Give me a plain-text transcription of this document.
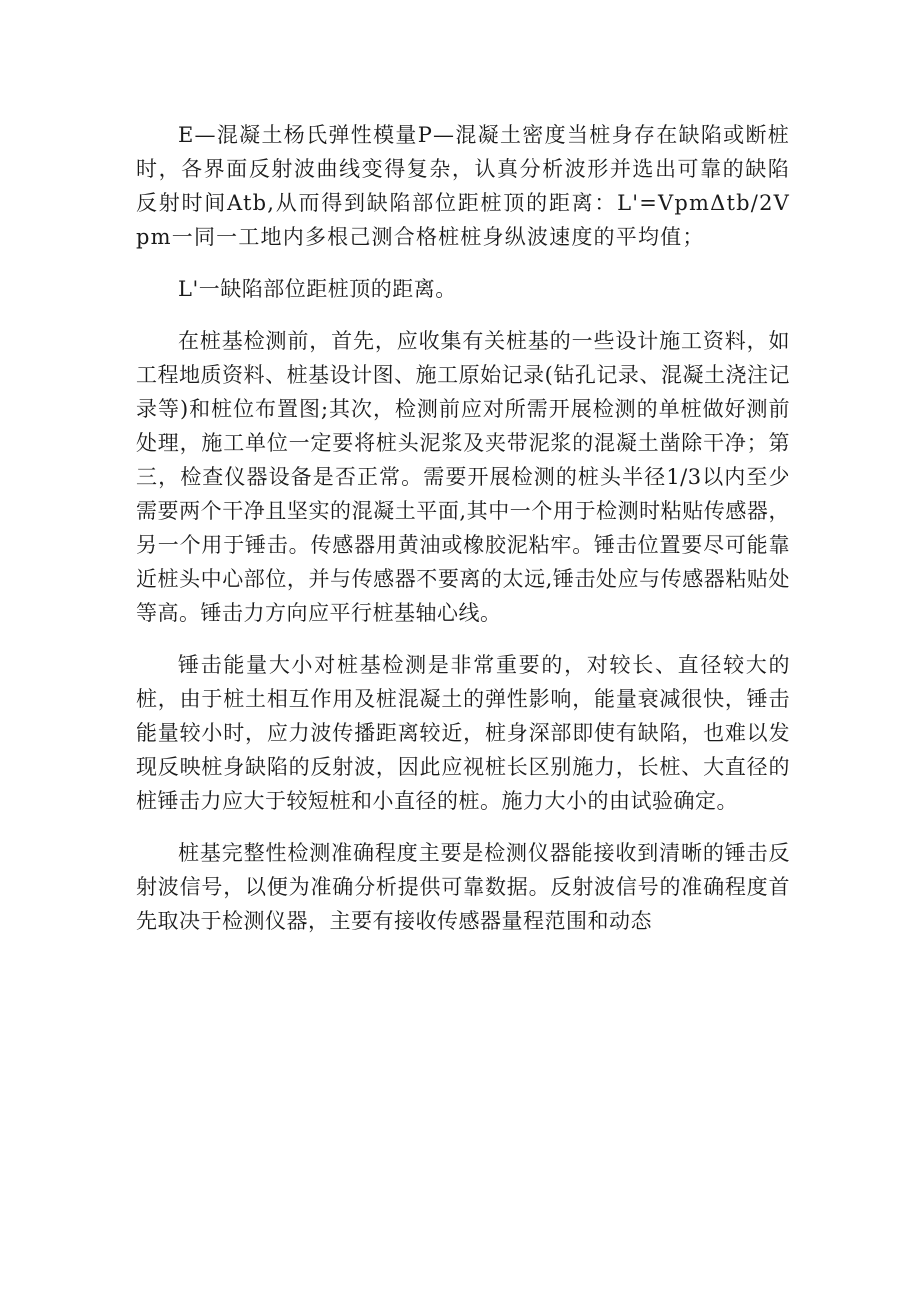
E—混凝土杨氏弹性模量P—混凝土密度当桩身存在缺陷或断桩时，各界面反射波曲线变得复杂，认真分析波形并选出可靠的缺陷反射时间Atb,从而得到缺陷部位距桩顶的距离：L'=VpmΔtb/2Vpm一同一工地内多根己测合格桩桩身纵波速度的平均值；

L'一缺陷部位距桩顶的距离。

在桩基检测前，首先，应收集有关桩基的一些设计施工资料，如工程地质资料、桩基设计图、施工原始记录(钻孔记录、混凝土浇注记录等)和桩位布置图;其次，检测前应对所需开展检测的单桩做好测前处理，施工单位一定要将桩头泥浆及夹带泥浆的混凝土凿除干净；第三，检查仪器设备是否正常。需要开展检测的桩头半径1/3以内至少需要两个干净且坚实的混凝土平面,其中一个用于检测时粘贴传感器，另一个用于锤击。传感器用黄油或橡胶泥粘牢。锤击位置要尽可能靠近桩头中心部位，并与传感器不要离的太远,锤击处应与传感器粘贴处等高。锤击力方向应平行桩基轴心线。

锤击能量大小对桩基检测是非常重要的，对较长、直径较大的桩，由于桩土相互作用及桩混凝土的弹性影响，能量衰减很快，锤击能量较小时，应力波传播距离较近，桩身深部即使有缺陷，也难以发现反映桩身缺陷的反射波，因此应视桩长区别施力，长桩、大直径的桩锤击力应大于较短桩和小直径的桩。施力大小的由试验确定。

桩基完整性检测准确程度主要是检测仪器能接收到清晰的锤击反射波信号，以便为准确分析提供可靠数据。反射波信号的准确程度首先取决于检测仪器，主要有接收传感器量程范围和动态
